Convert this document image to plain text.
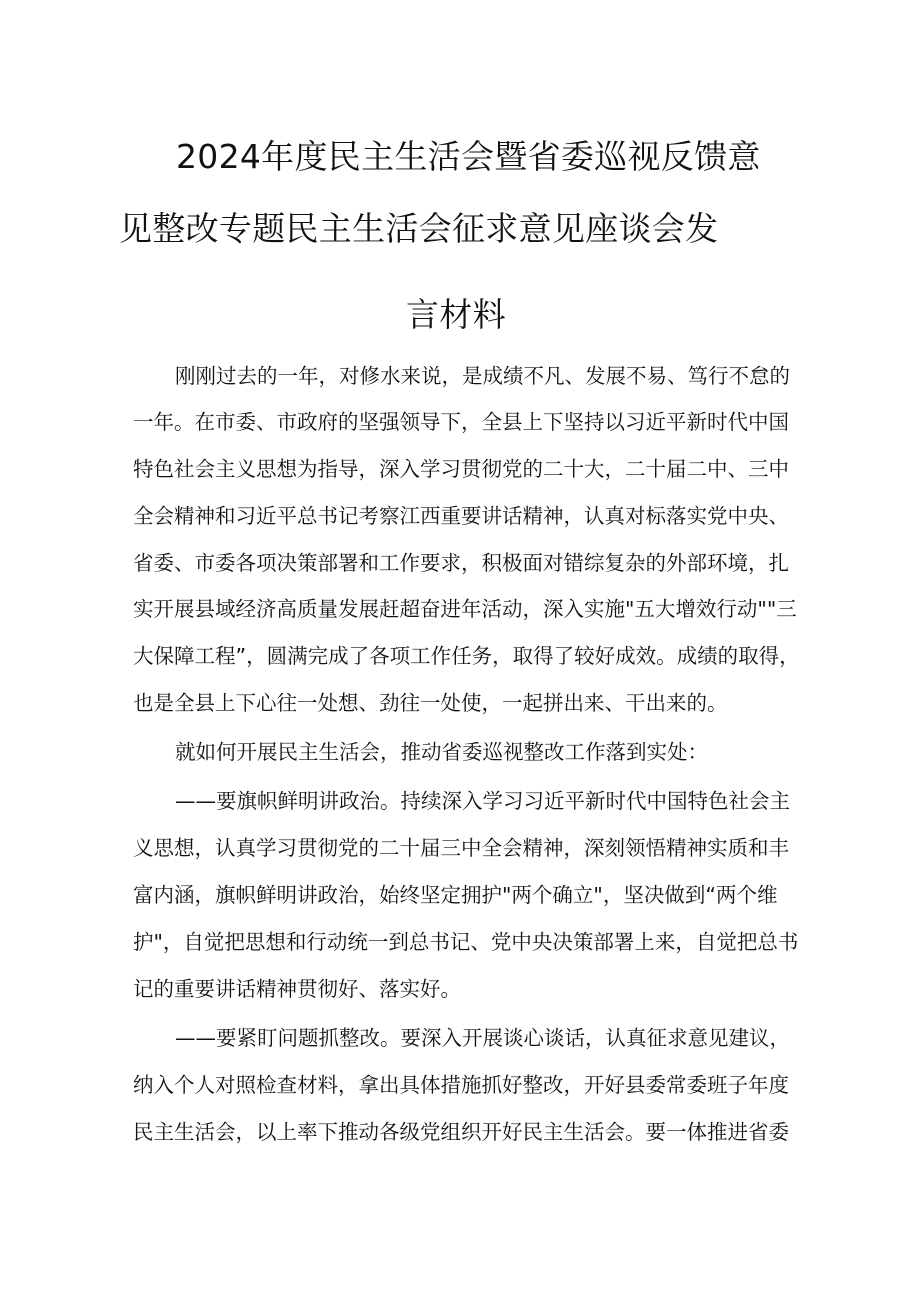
2024年度民主生活会暨省委巡视反馈意
见整改专题民主生活会征求意见座谈会发
言材料

刚刚过去的一年，对修水来说，是成绩不凡、发展不易、笃行不怠的

一年。在市委、市政府的坚强领导下，全县上下坚持以习近平新时代中国

特色社会主义思想为指导，深入学习贯彻党的二十大，二十届二中、三中

全会精神和习近平总书记考察江西重要讲话精神，认真对标落实党中央、

省委、市委各项决策部署和工作要求，积极面对错综复杂的外部环境，扎

实开展县域经济高质量发展赶超奋进年活动，深入实施"五大增效行动""三

大保障工程”，圆满完成了各项工作任务，取得了较好成效。成绩的取得，

也是全县上下心往一处想、劲往一处使，一起拼出来、干出来的。

就如何开展民主生活会，推动省委巡视整改工作落到实处：

——要旗帜鲜明讲政治。持续深入学习习近平新时代中国特色社会主

义思想，认真学习贯彻党的二十届三中全会精神，深刻领悟精神实质和丰

富内涵，旗帜鲜明讲政治，始终坚定拥护"两个确立"，坚决做到“两个维

护"，自觉把思想和行动统一到总书记、党中央决策部署上来，自觉把总书

记的重要讲话精神贯彻好、落实好。

——要紧盯问题抓整改。要深入开展谈心谈话，认真征求意见建议，

纳入个人对照检查材料，拿出具体措施抓好整改，开好县委常委班子年度

民主生活会，以上率下推动各级党组织开好民主生活会。要一体推进省委
